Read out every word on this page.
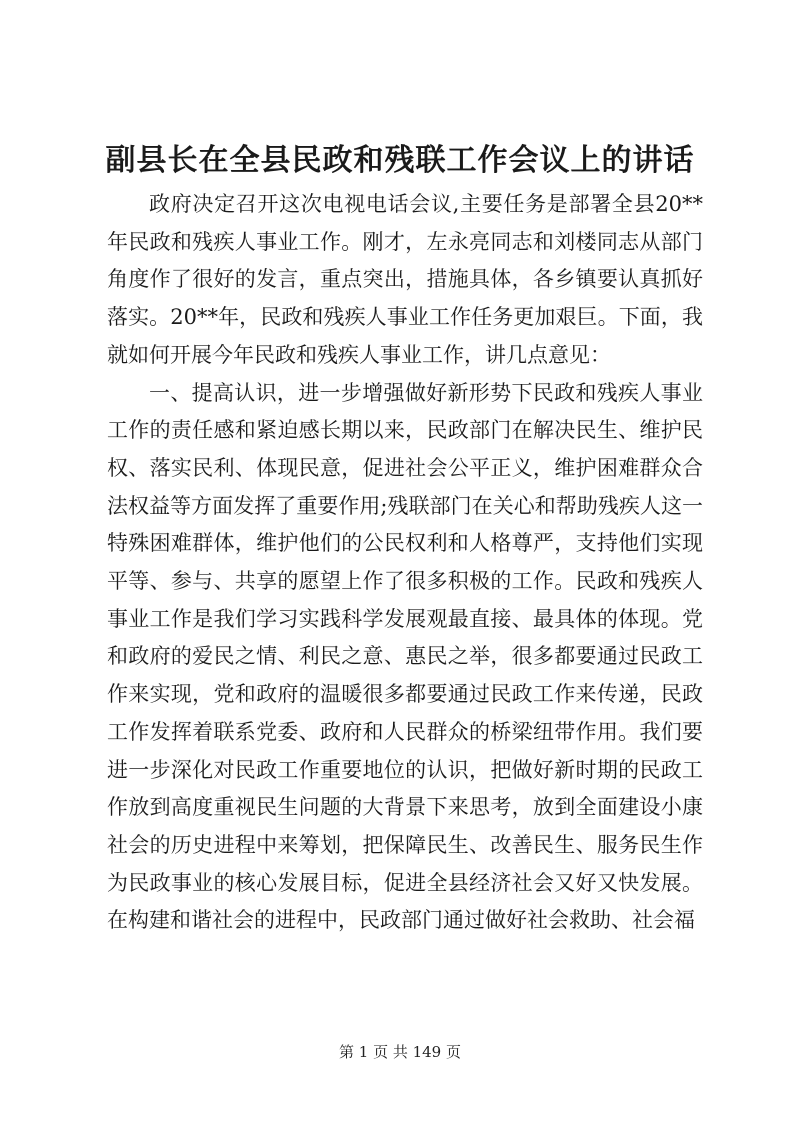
副县长在全县民政和残联工作会议上的讲话

政府决定召开这次电视电话会议,主要任务是部署全县20**年民政和残疾人事业工作。刚才，左永亮同志和刘楼同志从部门角度作了很好的发言，重点突出，措施具体，各乡镇要认真抓好落实。20**年，民政和残疾人事业工作任务更加艰巨。下面，我就如何开展今年民政和残疾人事业工作，讲几点意见：

一、提高认识，进一步增强做好新形势下民政和残疾人事业工作的责任感和紧迫感长期以来，民政部门在解决民生、维护民权、落实民利、体现民意，促进社会公平正义，维护困难群众合法权益等方面发挥了重要作用;残联部门在关心和帮助残疾人这一特殊困难群体，维护他们的公民权利和人格尊严，支持他们实现平等、参与、共享的愿望上作了很多积极的工作。民政和残疾人事业工作是我们学习实践科学发展观最直接、最具体的体现。党和政府的爱民之情、利民之意、惠民之举，很多都要通过民政工作来实现，党和政府的温暖很多都要通过民政工作来传递，民政工作发挥着联系党委、政府和人民群众的桥梁纽带作用。我们要进一步深化对民政工作重要地位的认识，把做好新时期的民政工作放到高度重视民生问题的大背景下来思考，放到全面建设小康社会的历史进程中来筹划，把保障民生、改善民生、服务民生作为民政事业的核心发展目标，促进全县经济社会又好又快发展。在构建和谐社会的进程中，民政部门通过做好社会救助、社会福

第 1 页 共 149 页
